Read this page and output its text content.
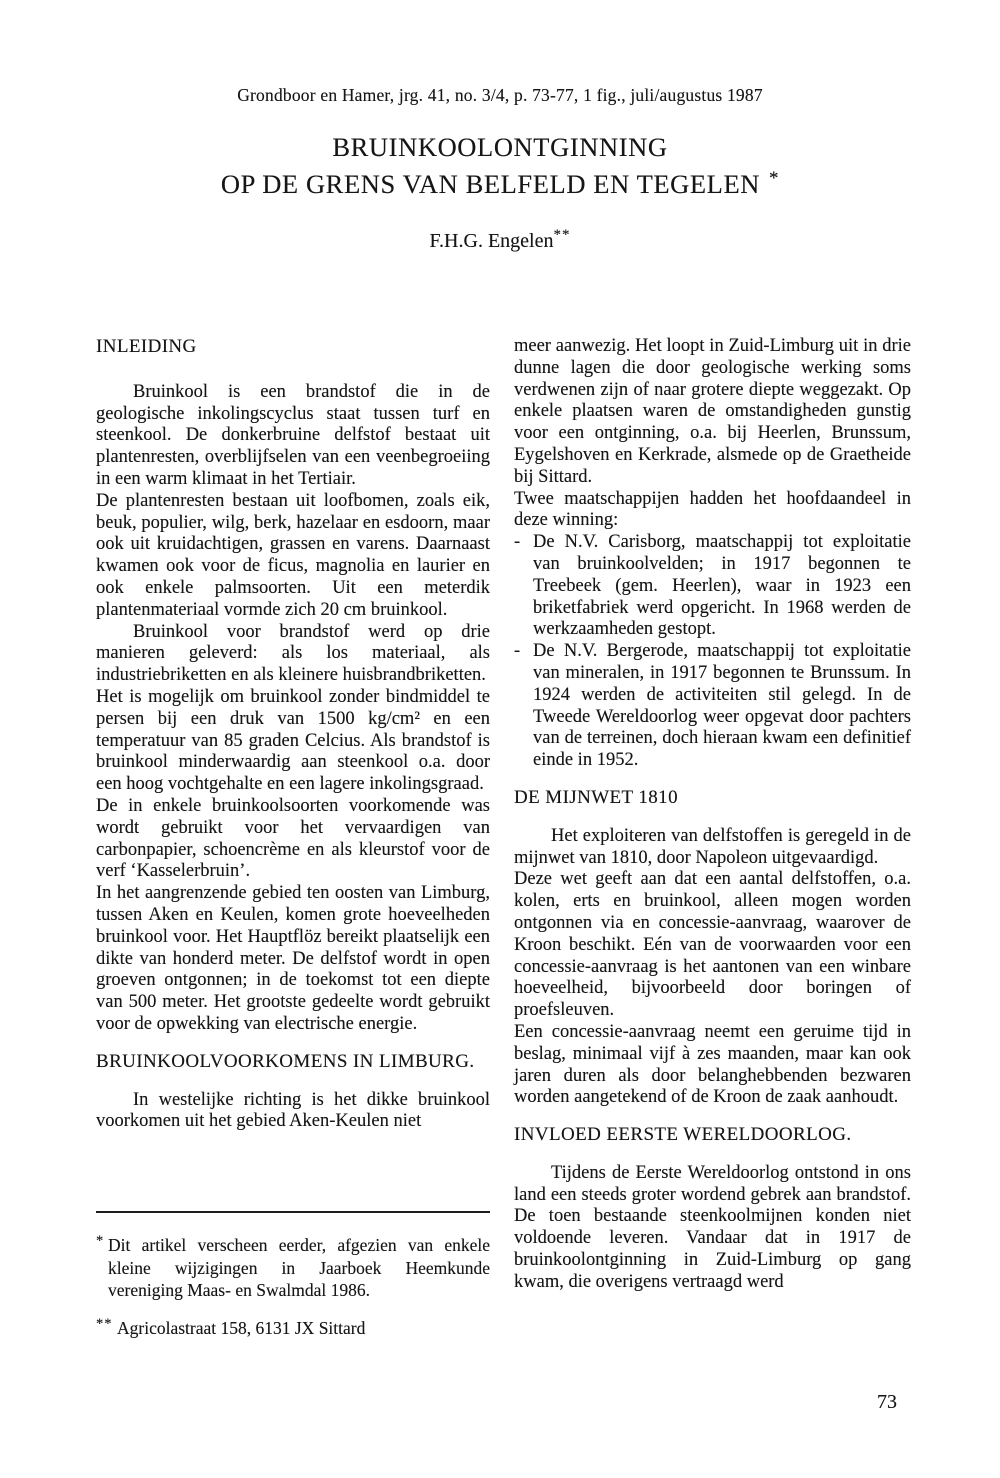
Grondboor en Hamer, jrg. 41, no. 3/4, p. 73-77, 1 fig., juli/augustus 1987
BRUINKOOLONTGINNING
OP DE GRENS VAN BELFELD EN TEGELEN *
F.H.G. Engelen**
INLEIDING

Bruinkool is een brandstof die in de geologische inkolingscyclus staat tussen turf en steenkool. De donkerbruine delfstof bestaat uit plantenresten, overblijfselen van een veenbegroeiing in een warm klimaat in het Tertiair.

De plantenresten bestaan uit loofbomen, zoals eik, beuk, populier, wilg, berk, hazelaar en esdoorn, maar ook uit kruidachtigen, grassen en varens. Daarnaast kwamen ook voor de ficus, magnolia en laurier en ook enkele palmsoorten. Uit een meterdik plantenmateriaal vormde zich 20 cm bruinkool.

Bruinkool voor brandstof werd op drie manieren geleverd: als los materiaal, als industriebriketten en als kleinere huisbrandbriketten.

Het is mogelijk om bruinkool zonder bindmiddel te persen bij een druk van 1500 kg/cm² en een temperatuur van 85 graden Celcius. Als brandstof is bruinkool minderwaardig aan steenkool o.a. door een hoog vochtgehalte en een lagere inkolingsgraad.

De in enkele bruinkoolsoorten voorkomende was wordt gebruikt voor het vervaardigen van carbonpapier, schoencrème en als kleurstof voor de verf ‘Kasselerbruin’.

In het aangrenzende gebied ten oosten van Limburg, tussen Aken en Keulen, komen grote hoeveelheden bruinkool voor. Het Hauptflöz bereikt plaatselijk een dikte van honderd meter. De delfstof wordt in open groeven ontgonnen; in de toekomst tot een diepte van 500 meter. Het grootste gedeelte wordt gebruikt voor de opwekking van electrische energie.

BRUINKOOLVOORKOMENS IN LIMBURG.

In westelijke richting is het dikke bruinkool voorkomen uit het gebied Aken-Keulen niet

meer aanwezig. Het loopt in Zuid-Limburg uit in drie dunne lagen die door geologische werking soms verdwenen zijn of naar grotere diepte weggezakt. Op enkele plaatsen waren de omstandigheden gunstig voor een ontginning, o.a. bij Heerlen, Brunssum, Eygelshoven en Kerkrade, alsmede op de Graetheide bij Sittard.

Twee maatschappijen hadden het hoofdaandeel in deze winning:

- De N.V. Carisborg, maatschappij tot exploitatie van bruinkoolvelden; in 1917 begonnen te Treebeek (gem. Heerlen), waar in 1923 een briketfabriek werd opgericht. In 1968 werden de werkzaamheden gestopt.
- De N.V. Bergerode, maatschappij tot exploitatie van mineralen, in 1917 begonnen te Brunssum. In 1924 werden de activiteiten stil gelegd. In de Tweede Wereldoorlog weer opgevat door pachters van de terreinen, doch hieraan kwam een definitief einde in 1952.
DE MIJNWET 1810

Het exploiteren van delfstoffen is geregeld in de mijnwet van 1810, door Napoleon uitgevaardigd.

Deze wet geeft aan dat een aantal delfstoffen, o.a. kolen, erts en bruinkool, alleen mogen worden ontgonnen via en concessie-aanvraag, waarover de Kroon beschikt. Eén van de voorwaarden voor een concessie-aanvraag is het aantonen van een winbare hoeveelheid, bijvoorbeeld door boringen of proefsleuven.

Een concessie-aanvraag neemt een geruime tijd in beslag, minimaal vijf à zes maanden, maar kan ook jaren duren als door belanghebbenden bezwaren worden aangetekend of de Kroon de zaak aanhoudt.

INVLOED EERSTE WERELDOORLOG.

Tijdens de Eerste Wereldoorlog ontstond in ons land een steeds groter wordend gebrek aan brandstof. De toen bestaande steenkoolmijnen konden niet voldoende leveren. Vandaar dat in 1917 de bruinkoolontginning in Zuid-Limburg op gang kwam, die overigens vertraagd werd

* Dit artikel verscheen eerder, afgezien van enkele kleine wijzigingen in Jaarboek Heemkunde vereniging Maas- en Swalmdal 1986.
** Agricolastraat 158, 6131 JX Sittard
73
